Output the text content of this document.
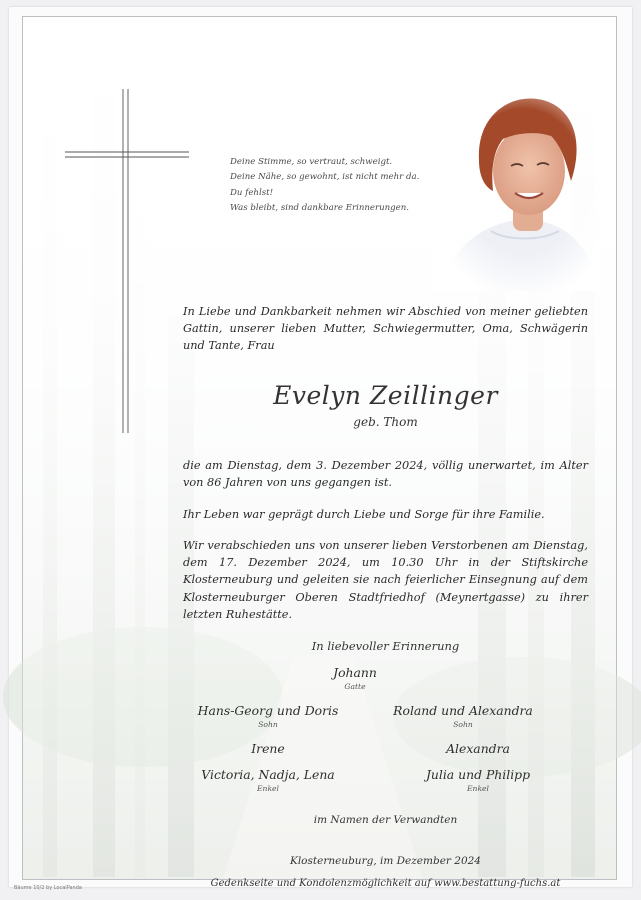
Deine Stimme, so vertraut, schweigt.
Deine Nähe, so gewohnt, ist nicht mehr da.
Du fehlst!
Was bleibt, sind dankbare Erinnerungen.
In Liebe und Dankbarkeit nehmen wir Abschied von meiner geliebten Gattin, unserer lieben Mutter, Schwiegermutter, Oma, Schwägerin und Tante, Frau
Evelyn Zeillinger
geb. Thom
die am Dienstag, dem 3. Dezember 2024, völlig unerwartet, im Alter von 86 Jahren von uns gegangen ist.
Ihr Leben war geprägt durch Liebe und Sorge für ihre Familie.
Wir verabschieden uns von unserer lieben Verstorbenen am Dienstag, dem 17. Dezember 2024, um 10.30 Uhr in der Stiftskirche Klosterneuburg und geleiten sie nach feierlicher Einsegnung auf dem Klosterneuburger Oberen Stadtfriedhof (Meynertgasse) zu ihrer letzten Ruhestätte.
In liebevoller Erinnerung
Johann
Gatte
Hans-Georg und Doris
Sohn
Roland und Alexandra
Sohn
Irene	Alexandra
Victoria, Nadja, Lena
Enkel
Julia und Philipp
Enkel
im Namen der Verwandten
Klosterneuburg, im Dezember 2024
Gedenkseite und Kondolenzmöglichkeit auf www.bestattung-fuchs.at
Bäume 10/2 by LocalPanda
